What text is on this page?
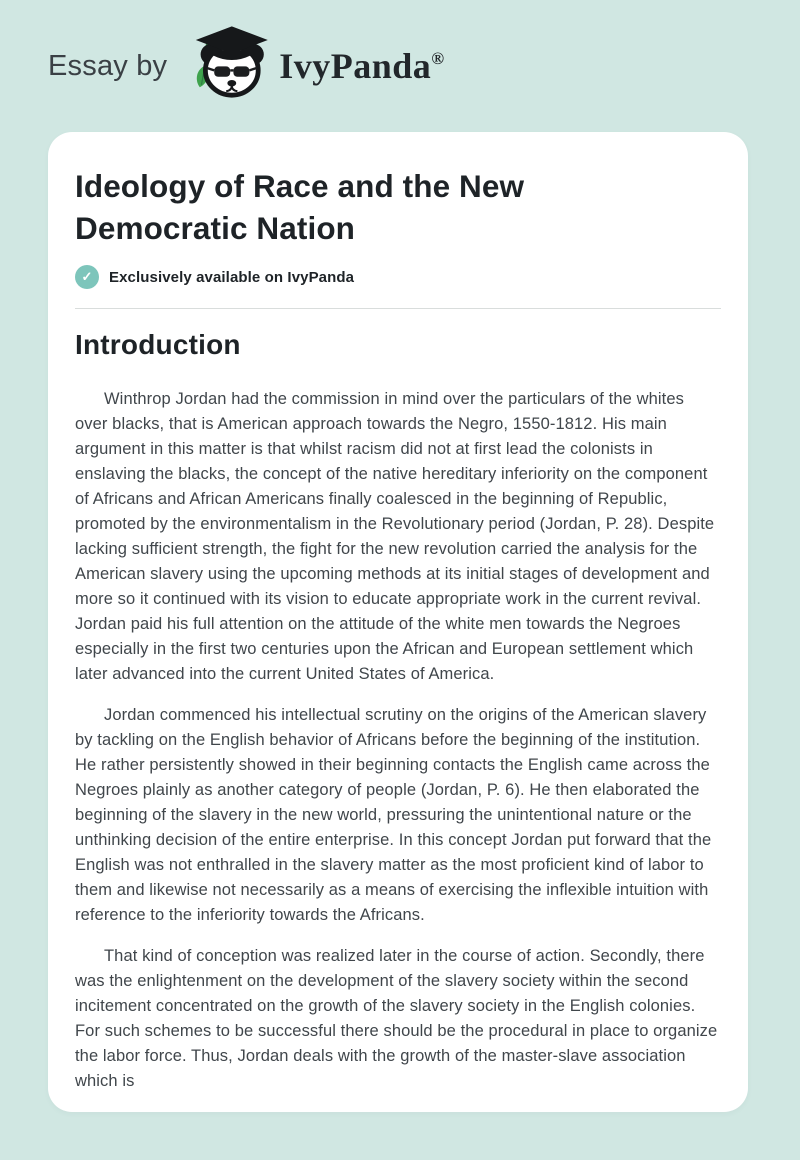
Essay by	IvyPanda®
Ideology of Race and the New Democratic Nation
✓	Exclusively available on IvyPanda
Introduction

Winthrop Jordan had the commission in mind over the particulars of the whites over blacks, that is American approach towards the Negro, 1550-1812. His main argument in this matter is that whilst racism did not at first lead the colonists in enslaving the blacks, the concept of the native hereditary inferiority on the component of Africans and African Americans finally coalesced in the beginning of Republic, promoted by the environmentalism in the Revolutionary period (Jordan, P. 28). Despite lacking sufficient strength, the fight for the new revolution carried the analysis for the American slavery using the upcoming methods at its initial stages of development and more so it continued with its vision to educate appropriate work in the current revival. Jordan paid his full attention on the attitude of the white men towards the Negroes especially in the first two centuries upon the African and European settlement which later advanced into the current United States of America.

Jordan commenced his intellectual scrutiny on the origins of the American slavery by tackling on the English behavior of Africans before the beginning of the institution. He rather persistently showed in their beginning contacts the English came across the Negroes plainly as another category of people (Jordan, P. 6). He then elaborated the beginning of the slavery in the new world, pressuring the unintentional nature or the unthinking decision of the entire enterprise. In this concept Jordan put forward that the English was not enthralled in the slavery matter as the most proficient kind of labor to them and likewise not necessarily as a means of exercising the inflexible intuition with reference to the inferiority towards the Africans.

That kind of conception was realized later in the course of action. Secondly, there was the enlightenment on the development of the slavery society within the second incitement concentrated on the growth of the slavery society in the English colonies. For such schemes to be successful there should be the procedural in place to organize the labor force. Thus, Jordan deals with the growth of the master-slave association which is
